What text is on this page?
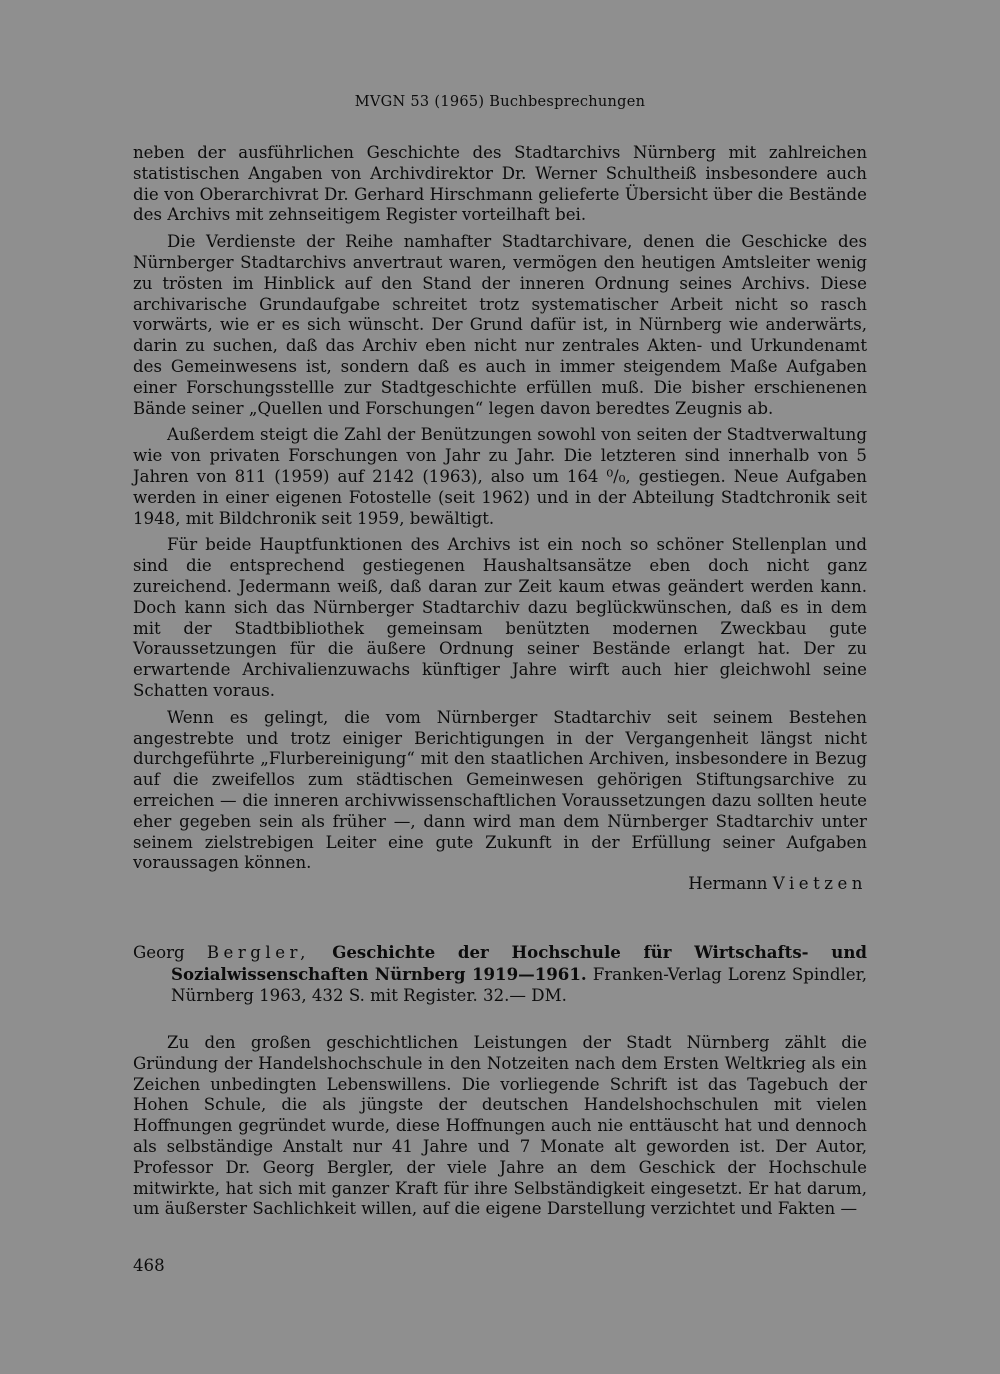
MVGN 53 (1965) Buchbesprechungen

neben der ausführlichen Geschichte des Stadtarchivs Nürnberg mit zahlreichen statistischen Angaben von Archivdirektor Dr. Werner Schultheiß insbesondere auch die von Oberarchivrat Dr. Gerhard Hirschmann gelieferte Übersicht über die Bestände des Archivs mit zehnseitigem Register vorteilhaft bei.

Die Verdienste der Reihe namhafter Stadtarchivare, denen die Geschicke des Nürnberger Stadtarchivs anvertraut waren, vermögen den heutigen Amtsleiter wenig zu trösten im Hinblick auf den Stand der inneren Ordnung seines Archivs. Diese archivarische Grundaufgabe schreitet trotz systematischer Arbeit nicht so rasch vorwärts, wie er es sich wünscht. Der Grund dafür ist, in Nürnberg wie anderwärts, darin zu suchen, daß das Archiv eben nicht nur zentrales Akten- und Urkundenamt des Gemeinwesens ist, sondern daß es auch in immer steigendem Maße Aufgaben einer Forschungsstellle zur Stadtgeschichte erfüllen muß. Die bisher erschienenen Bände seiner „Quellen und Forschungen“ legen davon beredtes Zeugnis ab.

Außerdem steigt die Zahl der Benützungen sowohl von seiten der Stadtverwaltung wie von privaten Forschungen von Jahr zu Jahr. Die letzteren sind innerhalb von 5 Jahren von 811 (1959) auf 2142 (1963), also um 164 ⁰/₀, gestiegen. Neue Aufgaben werden in einer eigenen Fotostelle (seit 1962) und in der Abteilung Stadtchronik seit 1948, mit Bildchronik seit 1959, bewältigt.

Für beide Hauptfunktionen des Archivs ist ein noch so schöner Stellenplan und sind die entsprechend gestiegenen Haushaltsansätze eben doch nicht ganz zureichend. Jedermann weiß, daß daran zur Zeit kaum etwas geändert werden kann. Doch kann sich das Nürnberger Stadtarchiv dazu beglückwünschen, daß es in dem mit der Stadtbibliothek gemeinsam benützten modernen Zweckbau gute Voraussetzungen für die äußere Ordnung seiner Bestände erlangt hat. Der zu erwartende Archivalienzuwachs künftiger Jahre wirft auch hier gleichwohl seine Schatten voraus.

Wenn es gelingt, die vom Nürnberger Stadtarchiv seit seinem Bestehen angestrebte und trotz einiger Berichtigungen in der Vergangenheit längst nicht durchgeführte „Flurbereinigung“ mit den staatlichen Archiven, insbesondere in Bezug auf die zweifellos zum städtischen Gemeinwesen gehörigen Stiftungsarchive zu erreichen — die inneren archivwissenschaftlichen Voraussetzungen dazu sollten heute eher gegeben sein als früher —, dann wird man dem Nürnberger Stadtarchiv unter seinem zielstrebigen Leiter eine gute Zukunft in der Erfüllung seiner Aufgaben voraussagen können.

Hermann Vietzen

Georg Bergler, Geschichte der Hochschule für Wirtschafts- und Sozialwissenschaften Nürnberg 1919—1961. Franken-Verlag Lorenz Spindler, Nürnberg 1963, 432 S. mit Register. 32.— DM.

Zu den großen geschichtlichen Leistungen der Stadt Nürnberg zählt die Gründung der Handelshochschule in den Notzeiten nach dem Ersten Weltkrieg als ein Zeichen unbedingten Lebenswillens. Die vorliegende Schrift ist das Tagebuch der Hohen Schule, die als jüngste der deutschen Handelshochschulen mit vielen Hoffnungen gegründet wurde, diese Hoffnungen auch nie enttäuscht hat und dennoch als selbständige Anstalt nur 41 Jahre und 7 Monate alt geworden ist. Der Autor, Professor Dr. Georg Bergler, der viele Jahre an dem Geschick der Hochschule mitwirkte, hat sich mit ganzer Kraft für ihre Selbständigkeit eingesetzt. Er hat darum, um äußerster Sachlichkeit willen, auf die eigene Darstellung verzichtet und Fakten —

468
